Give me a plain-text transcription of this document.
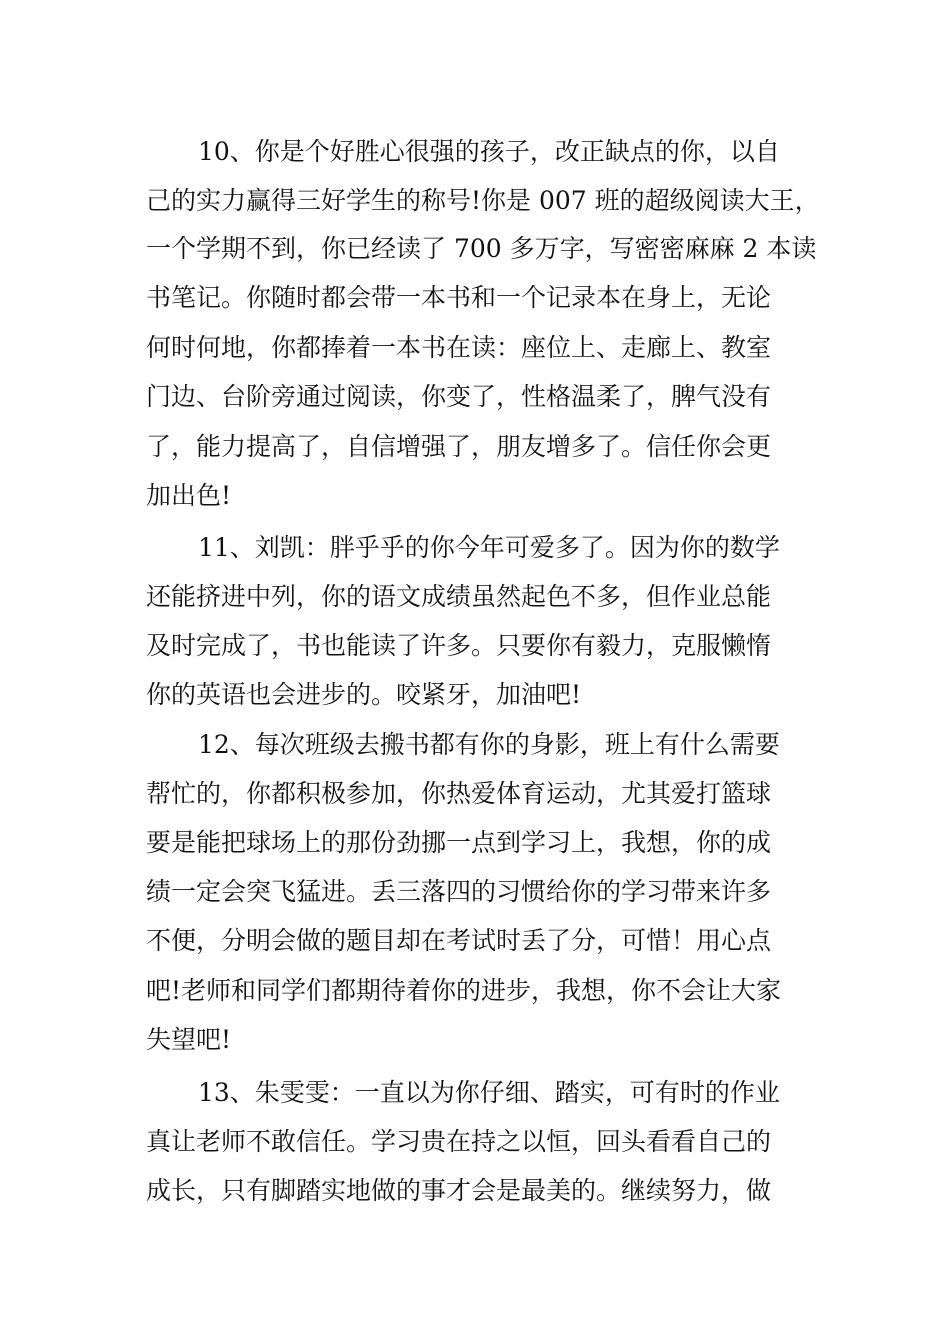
10、你是个好胜心很强的孩子，改正缺点的你，以自
己的实力赢得三好学生的称号!你是 007 班的超级阅读大王，
一个学期不到，你已经读了 700 多万字，写密密麻麻 2 本读
书笔记。你随时都会带一本书和一个记录本在身上，无论
何时何地，你都捧着一本书在读：座位上、走廊上、教室
门边、台阶旁通过阅读，你变了，性格温柔了，脾气没有
了，能力提高了，自信增强了，朋友增多了。信任你会更
加出色!
11、刘凯：胖乎乎的你今年可爱多了。因为你的数学
还能挤进中列，你的语文成绩虽然起色不多，但作业总能
及时完成了，书也能读了许多。只要你有毅力，克服懒惰
你的英语也会进步的。咬紧牙，加油吧!
12、每次班级去搬书都有你的身影，班上有什么需要
帮忙的，你都积极参加，你热爱体育运动，尤其爱打篮球
要是能把球场上的那份劲挪一点到学习上，我想，你的成
绩一定会突飞猛进。丢三落四的习惯给你的学习带来许多
不便，分明会做的题目却在考试时丢了分，可惜！用心点
吧!老师和同学们都期待着你的进步，我想，你不会让大家
失望吧!
13、朱雯雯：一直以为你仔细、踏实，可有时的作业
真让老师不敢信任。学习贵在持之以恒，回头看看自己的
成长，只有脚踏实地做的事才会是最美的。继续努力，做
